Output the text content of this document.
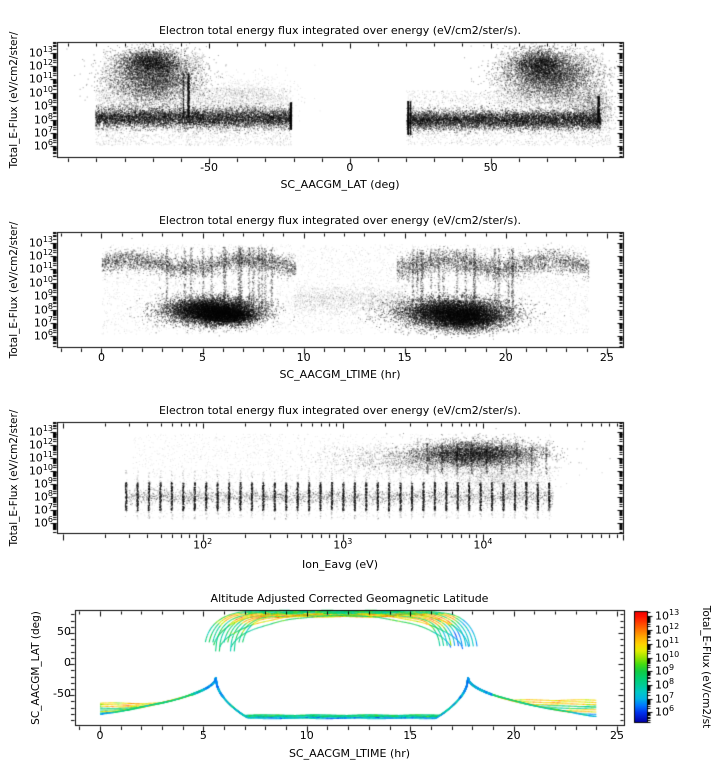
Electron total energy flux integrated over energy (eV/cm2/ster/s).
Electron total energy flux integrated over energy (eV/cm2/ster/s).
Electron total energy flux integrated over energy (eV/cm2/ster/s).
Altitude Adjusted Corrected Geomagnetic Latitude
SC_AACGM_LAT (deg)
SC_AACGM_LTIME (hr)
Ion_Eavg (eV)
SC_AACGM_LTIME (hr)
Total_E-Flux (eV/cm2/ster/
Total_E-Flux (eV/cm2/ster/
Total_E-Flux (eV/cm2/ster/
SC_AACGM_LAT (deg)	Total_E-Flux (eV/cm2/st
-50	0	50
$10^6$
$10^7$
$10^8$
$10^9$
$10^{10}$
$10^{11}$
$10^{12}$
$10^{13}$
0	5	10	15	20	25
$10^6$
$10^7$
$10^8$
$10^9$
$10^{10}$
$10^{11}$
$10^{12}$
$10^{13}$
$10^2$	$10^3$	$10^4$
$10^6$
$10^7$
$10^8$
$10^9$
$10^{10}$
$10^{11}$
$10^{12}$
$10^{13}$
0	5	10	15	20	25
-50
0
50
$10^6$
$10^7$
$10^8$
$10^9$
$10^{10}$
$10^{11}$
$10^{12}$
$10^{13}$
